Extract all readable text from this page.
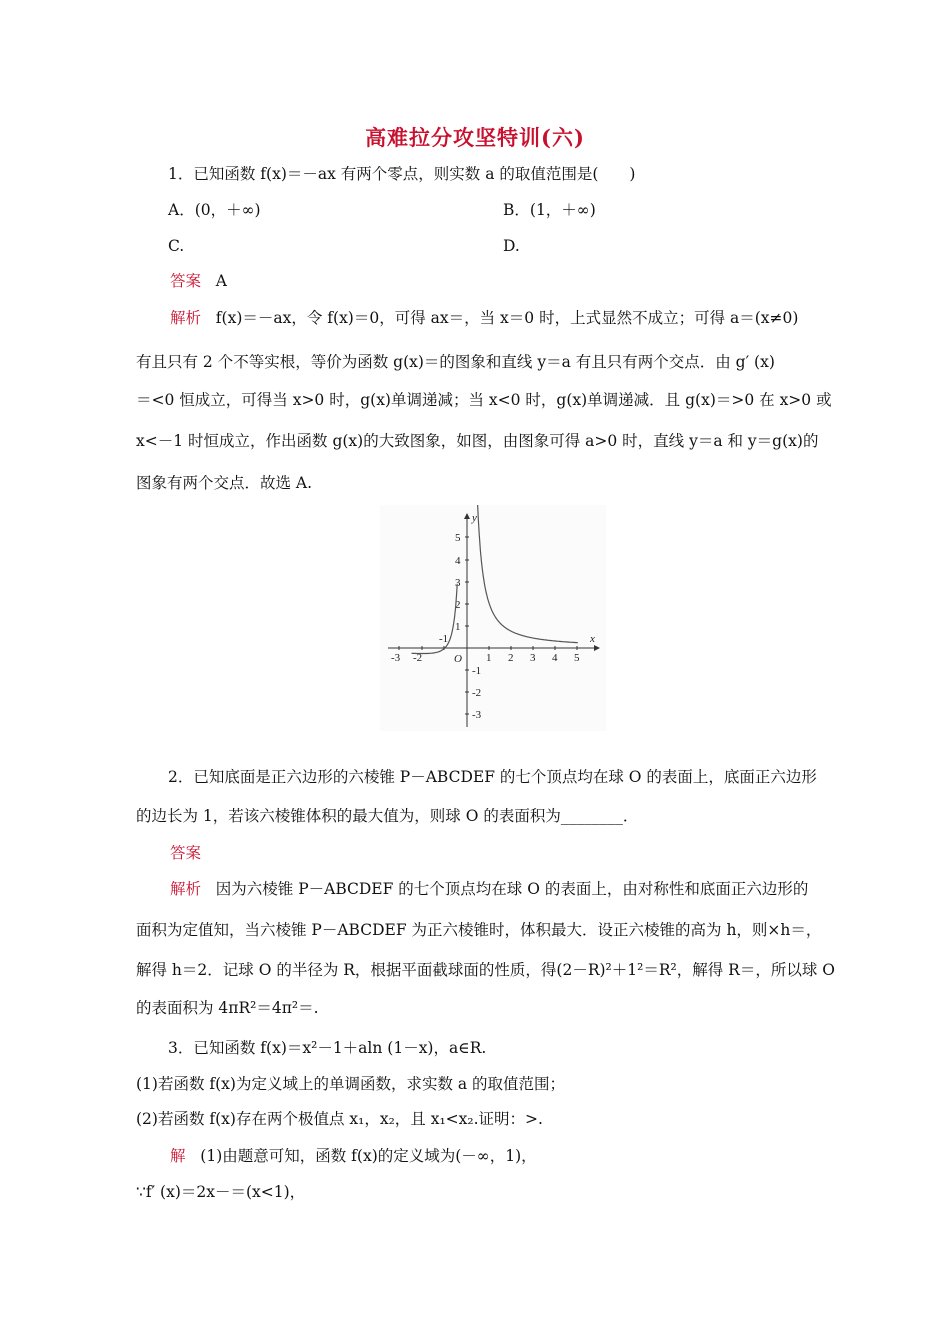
高难拉分攻坚特训(六)
1．已知函数 f(x)＝－ax 有两个零点，则实数 a 的取值范围是(　　)
A．(0，＋∞)	B．(1，＋∞)
C.	D.
答案 A
解析 f(x)＝－ax，令 f(x)＝0，可得 ax＝，当 x＝0 时，上式显然不成立；可得 a＝(x≠0)
有且只有 2 个不等实根，等价为函数 g(x)＝的图象和直线 y＝a 有且只有两个交点．由 g′ (x)
＝<0 恒成立，可得当 x>0 时，g(x)单调递减；当 x<0 时，g(x)单调递减．且 g(x)＝>0 在 x>0 或
x<－1 时恒成立，作出函数 g(x)的大致图象，如图，由图象可得 a>0 时，直线 y＝a 和 y＝g(x)的
图象有两个交点．故选 A.
x
y
O
-3 -2	1 2 3 4 5
5
4
3
2
1
-1
-2
-3
-1
2．已知底面是正六边形的六棱锥 P－ABCDEF 的七个顶点均在球 O 的表面上，底面正六边形
的边长为 1，若该六棱锥体积的最大值为，则球 O 的表面积为________．
答案
解析 因为六棱锥 P－ABCDEF 的七个顶点均在球 O 的表面上，由对称性和底面正六边形的
面积为定值知，当六棱锥 P－ABCDEF 为正六棱锥时，体积最大．设正六棱锥的高为 h，则×h＝，
解得 h＝2．记球 O 的半径为 R，根据平面截球面的性质，得(2－R)²＋1²＝R²，解得 R＝，所以球 O
的表面积为 4πR²＝4π²＝.
3．已知函数 f(x)＝x²－1＋aln (1－x)，a∈R.
(1)若函数 f(x)为定义域上的单调函数，求实数 a 的取值范围；
(2)若函数 f(x)存在两个极值点 x₁，x₂，且 x₁<x₂.证明：>.
解 (1)由题意可知，函数 f(x)的定义域为(－∞，1)，
∵f′ (x)＝2x－＝(x<1)，
